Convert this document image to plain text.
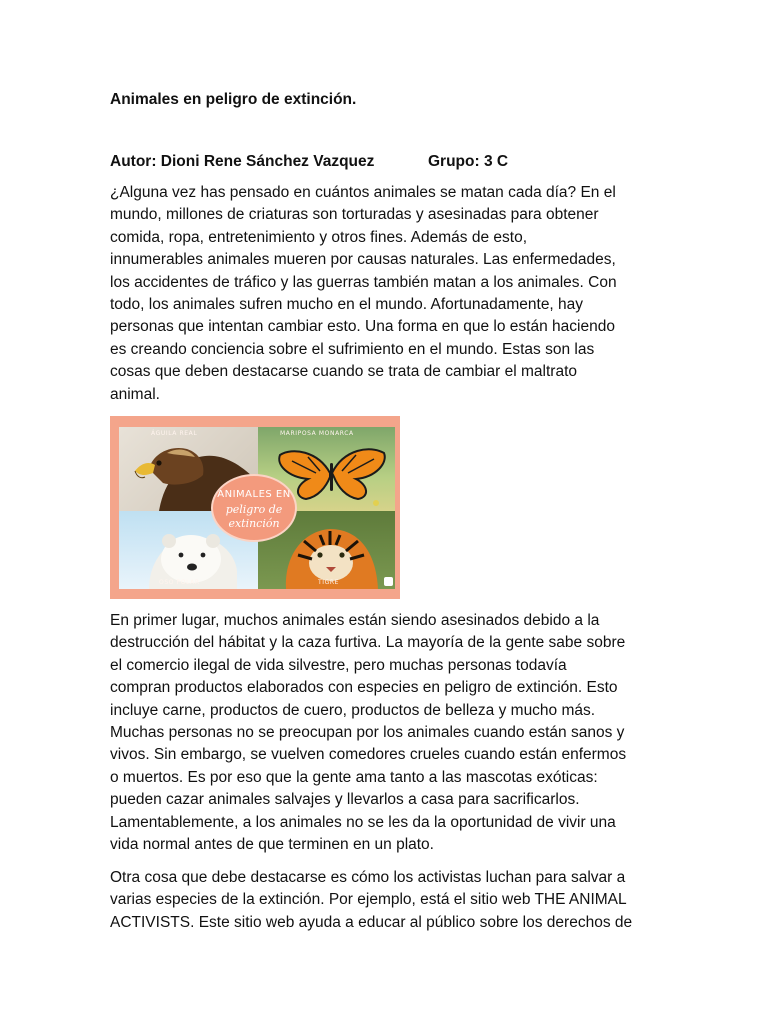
Animales en peligro de extinción.
Autor: Dioni Rene Sánchez Vazquez	Grupo: 3 C
¿Alguna vez has pensado en cuántos animales se matan cada día? En el
mundo, millones de criaturas son torturadas y asesinadas para obtener
comida, ropa, entretenimiento y otros fines. Además de esto,
innumerables animales mueren por causas naturales. Las enfermedades,
los accidentes de tráfico y las guerras también matan a los animales. Con
todo, los animales sufren mucho en el mundo. Afortunadamente, hay
personas que intentan cambiar esto. Una forma en que lo están haciendo
es creando conciencia sobre el sufrimiento en el mundo. Estas son las
cosas que deben destacarse cuando se trata de cambiar el maltrato
animal.
ÁGUILA REAL	MARIPOSA MONARCA
OSO POLAR	TIGRE
ANIMALES EN
peligro de
extinción
En primer lugar, muchos animales están siendo asesinados debido a la
destrucción del hábitat y la caza furtiva. La mayoría de la gente sabe sobre
el comercio ilegal de vida silvestre, pero muchas personas todavía
compran productos elaborados con especies en peligro de extinción. Esto
incluye carne, productos de cuero, productos de belleza y mucho más.
Muchas personas no se preocupan por los animales cuando están sanos y
vivos. Sin embargo, se vuelven comedores crueles cuando están enfermos
o muertos. Es por eso que la gente ama tanto a las mascotas exóticas:
pueden cazar animales salvajes y llevarlos a casa para sacrificarlos.
Lamentablemente, a los animales no se les da la oportunidad de vivir una
vida normal antes de que terminen en un plato.
Otra cosa que debe destacarse es cómo los activistas luchan para salvar a
varias especies de la extinción. Por ejemplo, está el sitio web THE ANIMAL
ACTIVISTS. Este sitio web ayuda a educar al público sobre los derechos de
